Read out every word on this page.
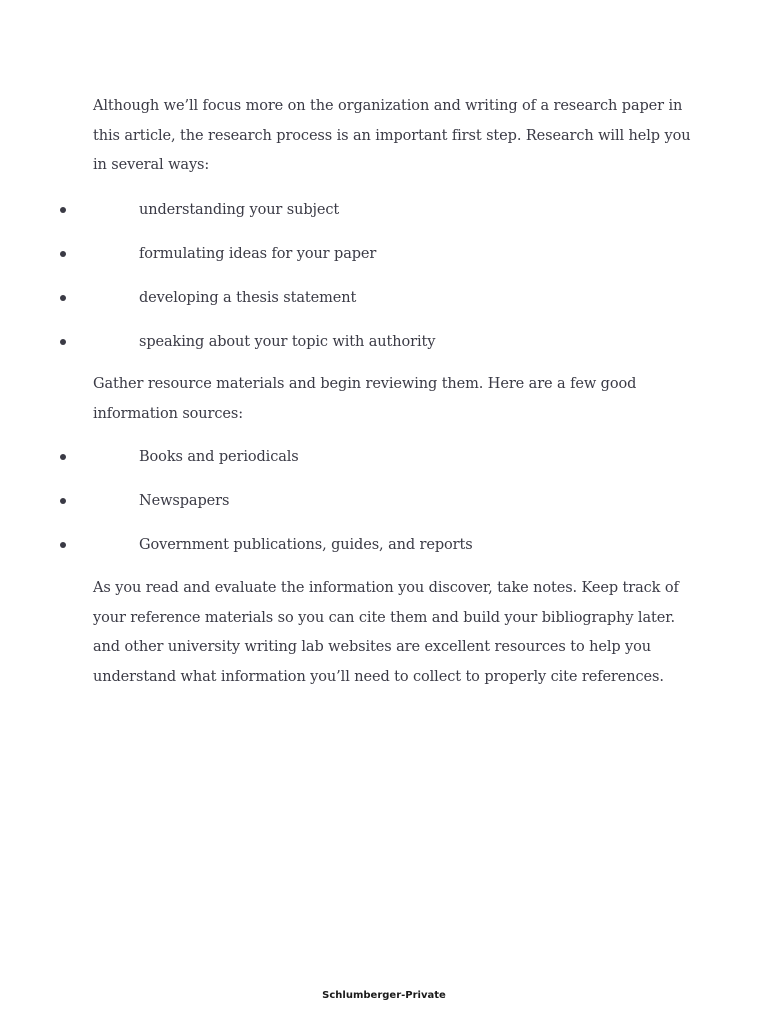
Although we’ll focus more on the organization and writing of a research paper in this article, the research process is an important first step. Research will help you in several ways:

understanding your subject
formulating ideas for your paper
developing a thesis statement
speaking about your topic with authority

Gather resource materials and begin reviewing them. Here are a few good information sources:

Books and periodicals
Newspapers
Government publications, guides, and reports

As you read and evaluate the information you discover, take notes. Keep track of your reference materials so you can cite them and build your bibliography later. and other university writing lab websites are excellent resources to help you understand what information you’ll need to collect to properly cite references.

Schlumberger-Private
